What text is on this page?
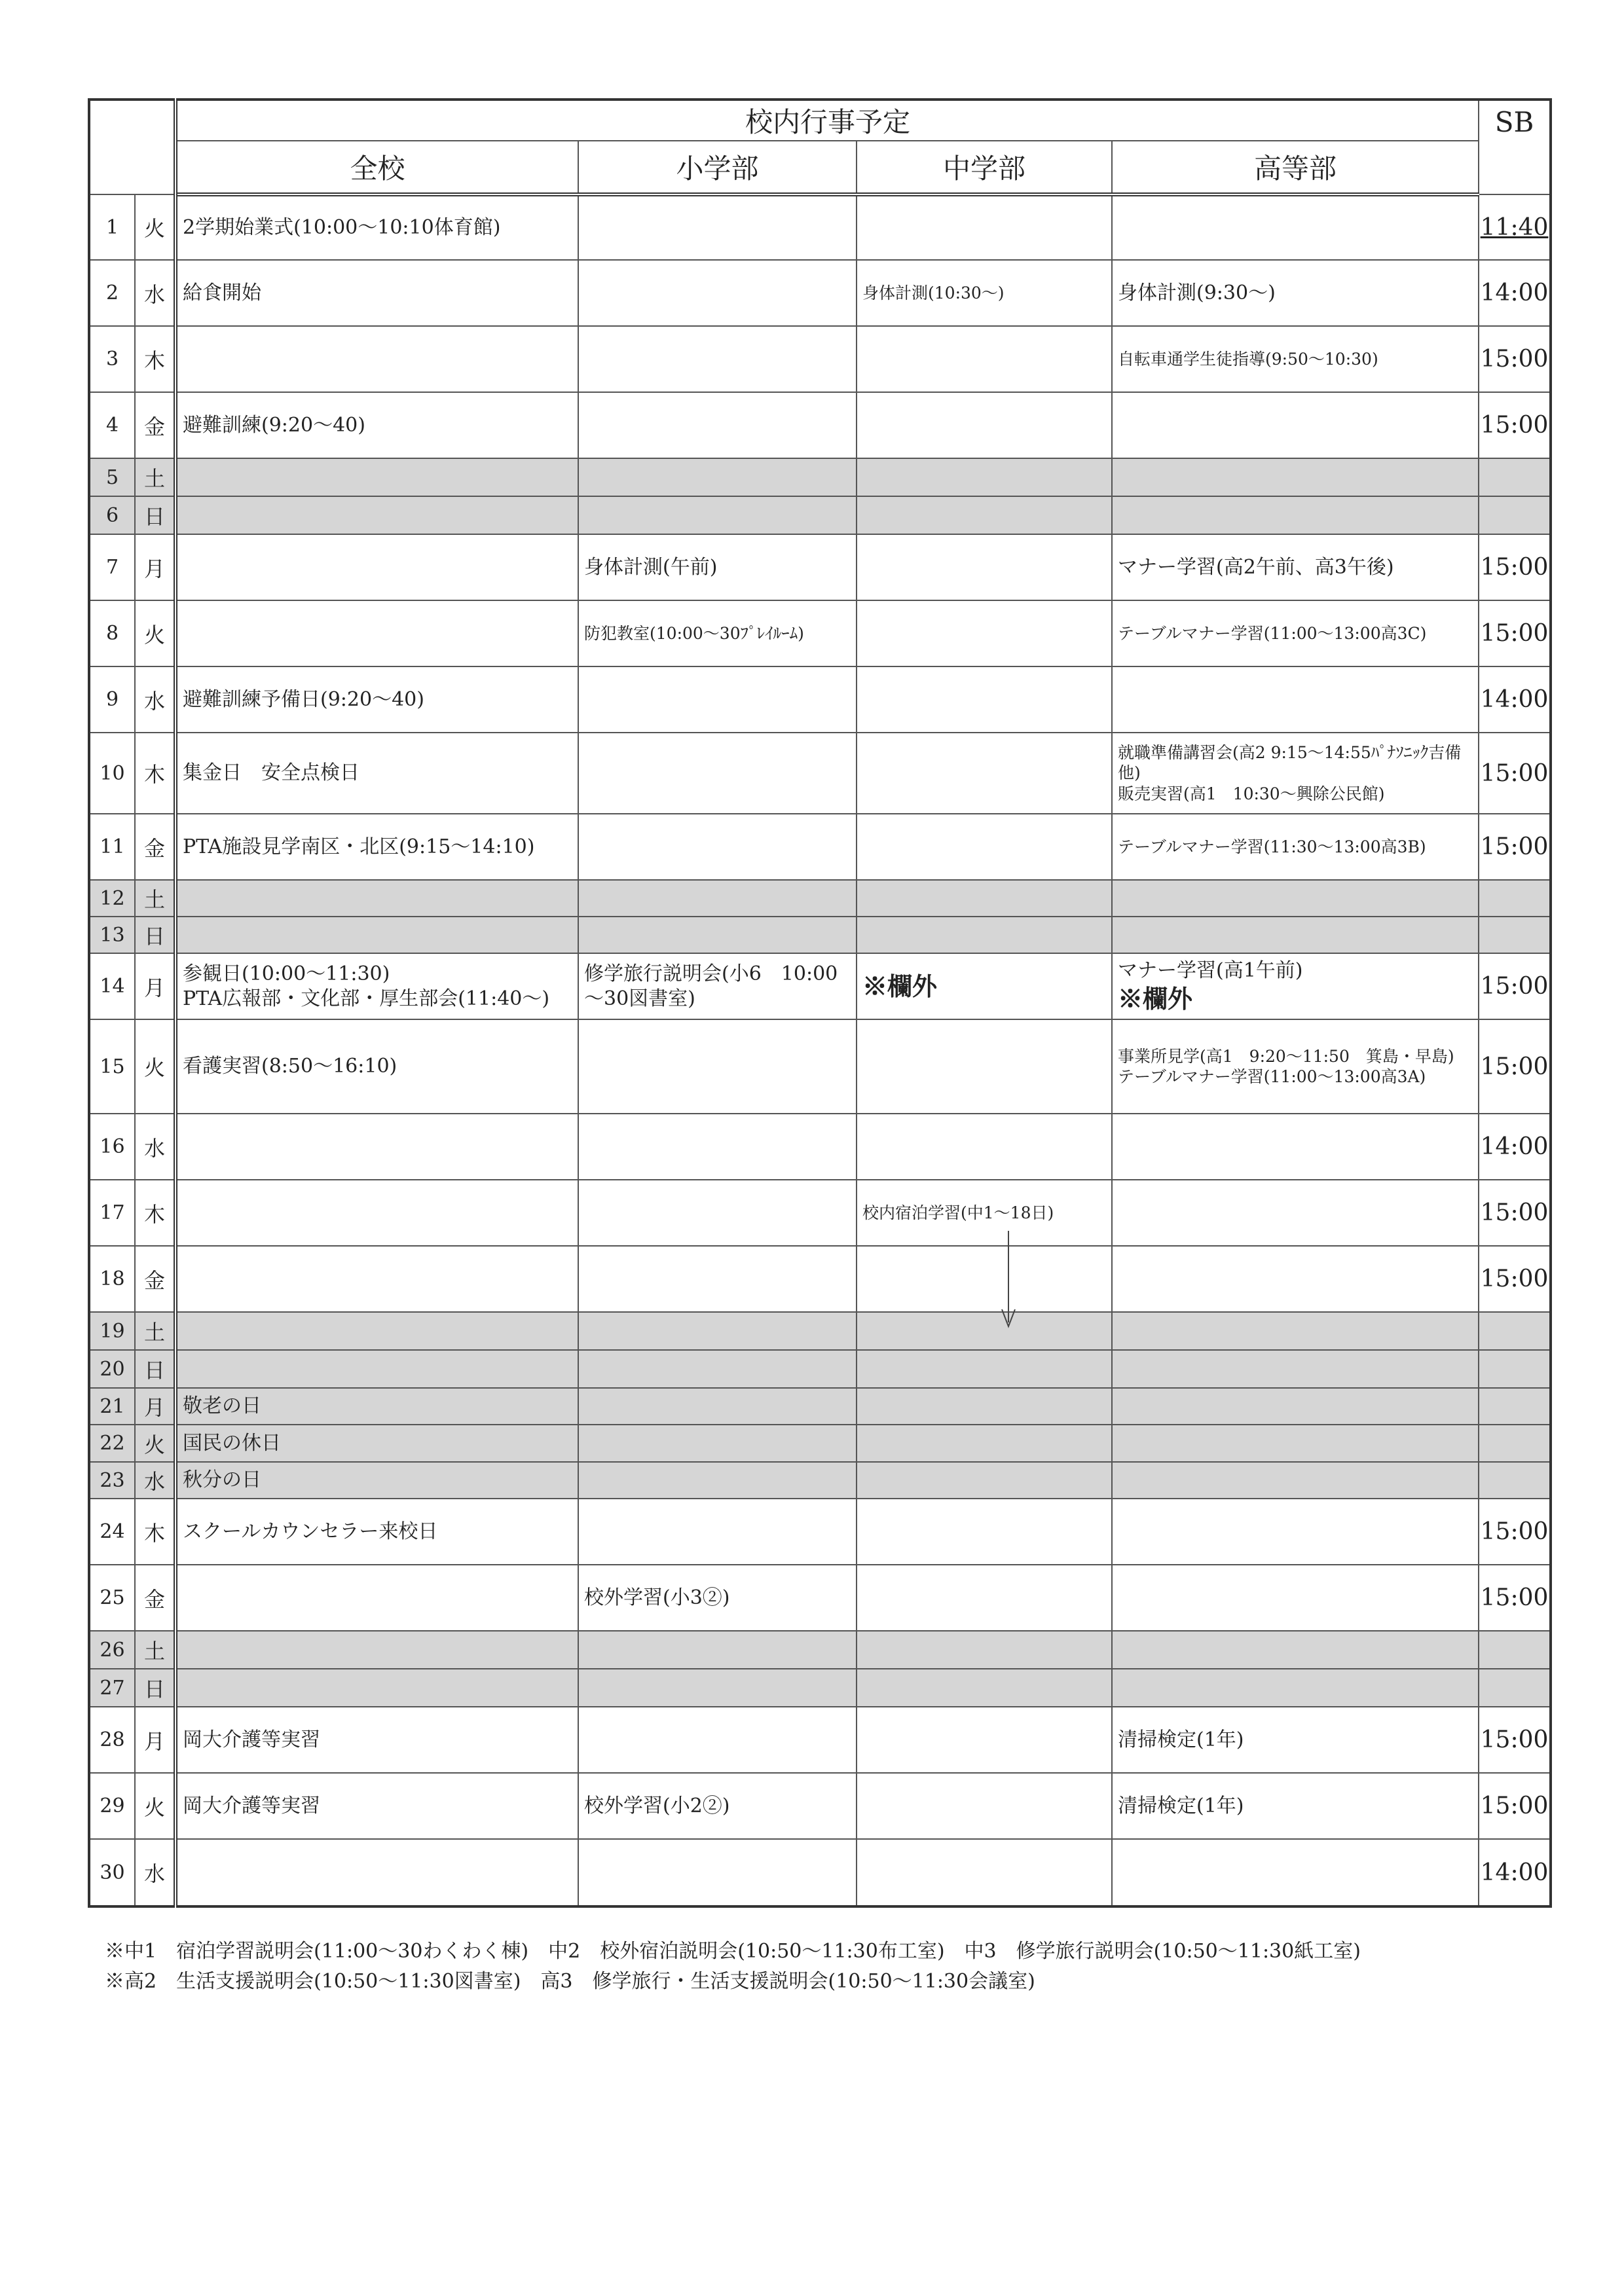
		校内行事予定				SB
		全校	小学部	中学部	高等部	
1	火	2学期始業式(10:00～10:10体育館)				11:40
2	水	給食開始		身体計測(10:30～)	身体計測(9:30～)	14:00
3	木				自転車通学生徒指導(9:50～10:30)	15:00
4	金	避難訓練(9:20～40)				15:00
5	土					
6	日					
7	月		身体計測(午前)		マナー学習(高2午前、高3午後)	15:00
8	火		防犯教室(10:00～30ﾌﾟﾚｲﾙｰﾑ)		テーブルマナー学習(11:00～13:00高3C)	15:00
9	水	避難訓練予備日(9:20～40)				14:00
10	木	集金日　安全点検日			就職準備講習会(高2 9:15～14:55ﾊﾟﾅｿﾆｯｸ吉備他)
販売実習(高1　10:30～興除公民館)	15:00
11	金	PTA施設見学南区・北区(9:15～14:10)			テーブルマナー学習(11:30～13:00高3B)	15:00
12	土					
13	日					
14	月	参観日(10:00～11:30)
PTA広報部・文化部・厚生部会(11:40～)	修学旅行説明会(小6　10:00～30図書室)	※欄外	マナー学習(高1午前)
※欄外	15:00
15	火	看護実習(8:50～16:10)			事業所見学(高1　9:20～11:50　箕島・早島)
テーブルマナー学習(11:00～13:00高3A)	15:00
16	水					14:00
17	木			校内宿泊学習(中1～18日)		15:00
18	金					15:00
19	土					
20	日					
21	月	敬老の日				

22	火	国民の休日				

23	水	秋分の日				

24	木	スクールカウンセラー来校日				15:00
25	金		校外学習(小3②)			15:00
26	土					
27	日					
28	月	岡大介護等実習			清掃検定(1年)	15:00
29	火	岡大介護等実習	校外学習(小2②)		清掃検定(1年)	15:00
30	水					14:00
※中1　宿泊学習説明会(11:00～30わくわく棟)　中2　校外宿泊説明会(10:50～11:30布工室)　中3　修学旅行説明会(10:50～11:30紙工室)
※高2　生活支援説明会(10:50～11:30図書室)　高3　修学旅行・生活支援説明会(10:50～11:30会議室)
